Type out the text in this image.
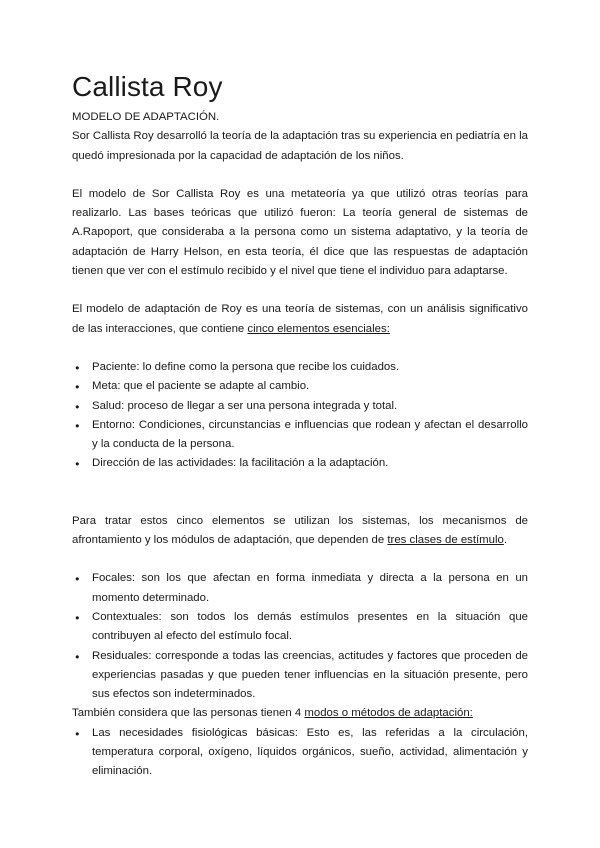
Callista Roy

MODELO DE ADAPTACIÓN.

Sor Callista Roy desarrolló la teoría de la adaptación tras su experiencia en pediatría en la quedó impresionada por la capacidad de adaptación de los niños.

El modelo de Sor Callista Roy es una metateoría ya que utilizó otras teorías para realizarlo. Las bases teóricas que utilizó fueron: La teoría general de sistemas de A.Rapoport, que consideraba a la persona como un sistema adaptativo, y la teoría de adaptación de Harry Helson, en esta teoría, él dice que las respuestas de adaptación tienen que ver con el estímulo recibido y el nivel que tiene el individuo para adaptarse.

El modelo de adaptación de Roy es una teoría de sistemas, con un análisis significativo de las interacciones, que contiene cinco elementos esenciales:

● Paciente: lo define como la persona que recibe los cuidados.
● Meta: que el paciente se adapte al cambio.
● Salud: proceso de llegar a ser una persona integrada y total.
● Entorno: Condiciones, circunstancias e influencias que rodean y afectan el desarrollo y la conducta de la persona.
● Dirección de las actividades: la facilitación a la adaptación.

Para tratar estos cinco elementos se utilizan los sistemas, los mecanismos de afrontamiento y los módulos de adaptación, que dependen de tres clases de estímulo.

● Focales: son los que afectan en forma inmediata y directa a la persona en un momento determinado.
● Contextuales: son todos los demás estímulos presentes en la situación que contribuyen al efecto del estímulo focal.
● Residuales: corresponde a todas las creencias, actitudes y factores que proceden de experiencias pasadas y que pueden tener influencias en la situación presente, pero sus efectos son indeterminados.

También considera que las personas tienen 4 modos o métodos de adaptación:

● Las necesidades fisiológicas básicas: Esto es, las referidas a la circulación, temperatura corporal, oxígeno, líquidos orgánicos, sueño, actividad, alimentación y eliminación.
